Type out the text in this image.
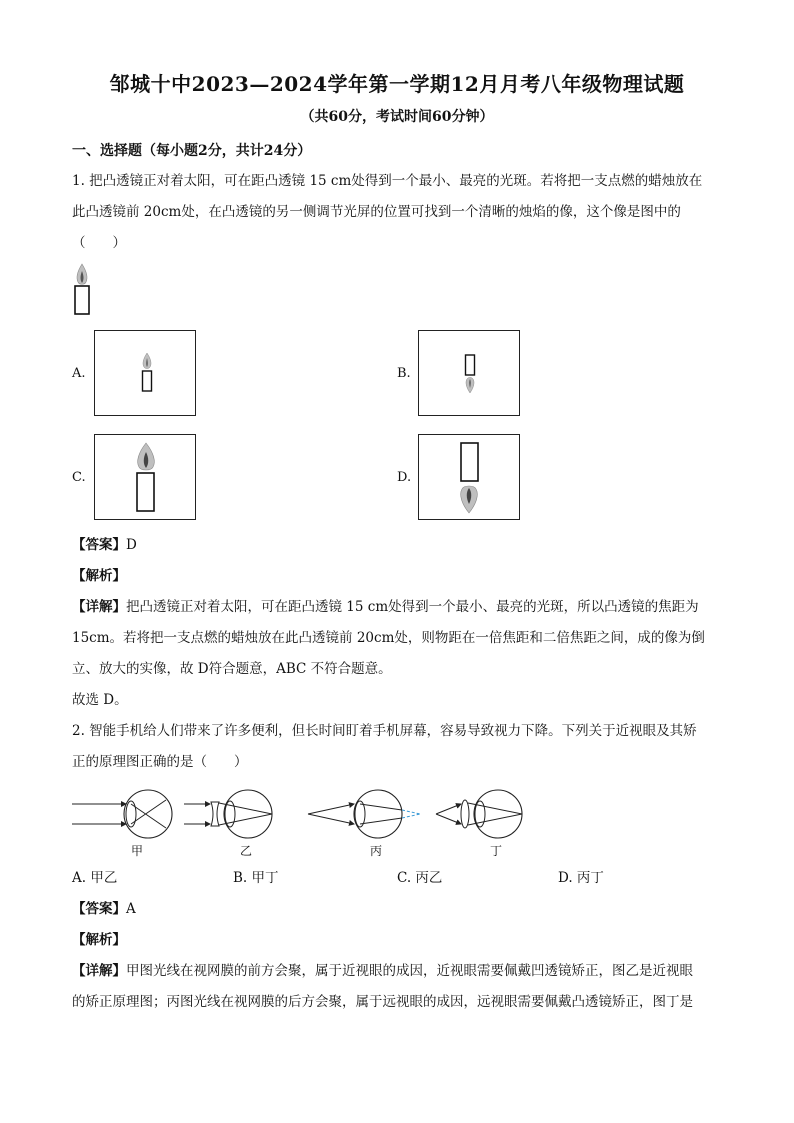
邹城十中2023—2024学年第一学期12月月考八年级物理试题
（共60分，考试时间60分钟）
一、选择题（每小题2分，共计24分）
1. 把凸透镜正对着太阳，可在距凸透镜 15 cm处得到一个最小、最亮的光斑。若将把一支点燃的蜡烛放在
此凸透镜前 20cm处，在凸透镜的另一侧调节光屏的位置可找到一个清晰的烛焰的像，这个像是图中的
（　　）
A.	B.
C.	D.
【答案】D
【解析】
【详解】把凸透镜正对着太阳，可在距凸透镜 15 cm处得到一个最小、最亮的光斑，所以凸透镜的焦距为
15cm。若将把一支点燃的蜡烛放在此凸透镜前 20cm处，则物距在一倍焦距和二倍焦距之间，成的像为倒
立、放大的实像，故 D符合题意，ABC 不符合题意。
故选 D。
2. 智能手机给人们带来了许多便利，但长时间盯着手机屏幕，容易导致视力下降。下列关于近视眼及其矫
正的原理图正确的是（　　）
甲	乙	丙	丁
A. 甲乙	B. 甲丁	C. 丙乙	D. 丙丁
【答案】A
【解析】
【详解】甲图光线在视网膜的前方会聚，属于近视眼的成因，近视眼需要佩戴凹透镜矫正，图乙是近视眼
的矫正原理图；丙图光线在视网膜的后方会聚，属于远视眼的成因，远视眼需要佩戴凸透镜矫正，图丁是
